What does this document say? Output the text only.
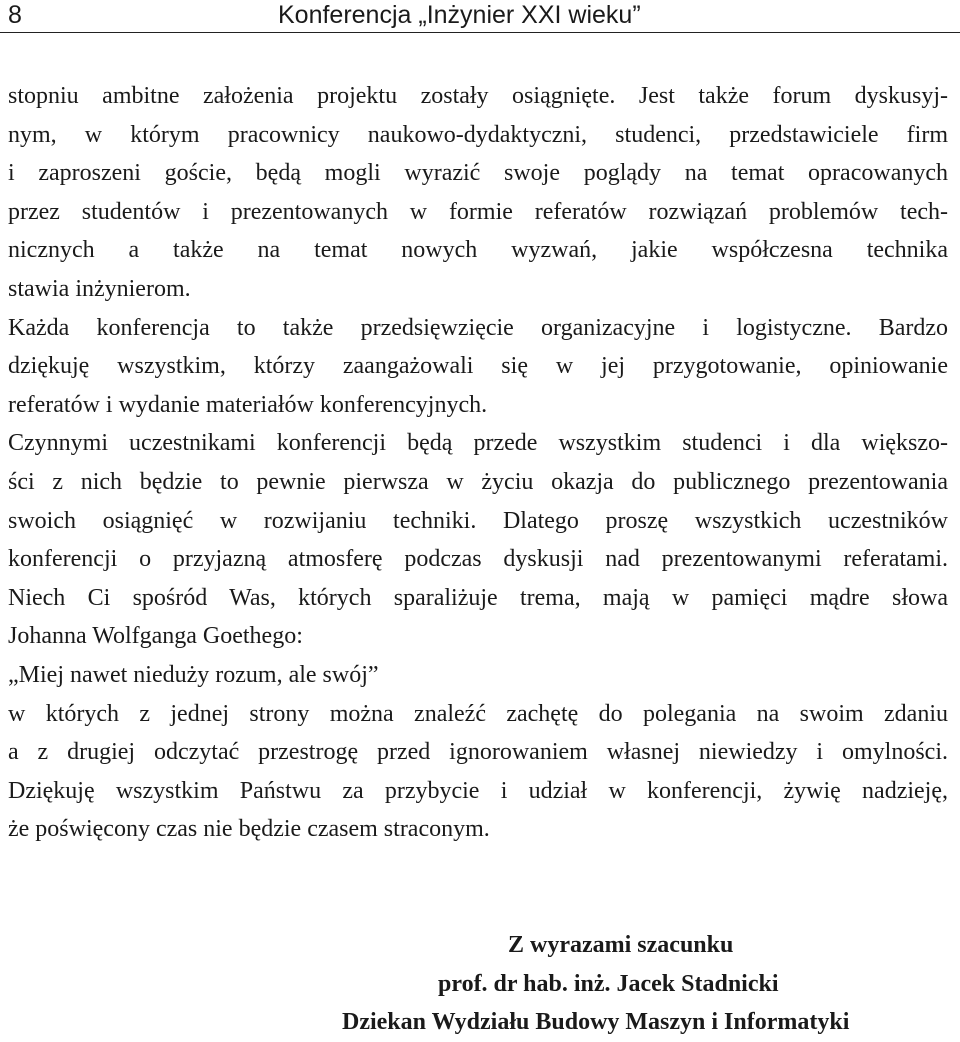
8	Konferencja „Inżynier XXI wieku”
stopniu ambitne założenia projektu zostały osiągnięte. Jest także forum dyskusyj-
nym, w którym pracownicy naukowo-dydaktyczni, studenci, przedstawiciele firm
i zaproszeni goście, będą mogli wyrazić swoje poglądy na temat opracowanych
przez studentów i prezentowanych w formie referatów rozwiązań problemów tech-
nicznych a także na temat nowych wyzwań, jakie współczesna technika
stawia inżynierom.
Każda konferencja to także przedsięwzięcie organizacyjne i logistyczne. Bardzo
dziękuję wszystkim, którzy zaangażowali się w jej przygotowanie, opiniowanie
referatów i wydanie materiałów konferencyjnych.
Czynnymi uczestnikami konferencji będą przede wszystkim studenci i dla większo-
ści z nich będzie to pewnie pierwsza w życiu okazja do publicznego prezentowania
swoich osiągnięć w rozwijaniu techniki. Dlatego proszę wszystkich uczestników
konferencji o przyjazną atmosferę podczas dyskusji nad prezentowanymi referatami.
Niech Ci spośród Was, których sparaliżuje trema, mają w pamięci mądre słowa
Johanna Wolfganga Goethego:
„Miej nawet nieduży rozum, ale swój”
w których z jednej strony można znaleźć zachętę do polegania na swoim zdaniu
a z drugiej odczytać przestrogę przed ignorowaniem własnej niewiedzy i omylności.
Dziękuję wszystkim Państwu za przybycie i udział w konferencji, żywię nadzieję,
że poświęcony czas nie będzie czasem straconym.
Z wyrazami szacunku
prof. dr hab. inż. Jacek Stadnicki
Dziekan Wydziału Budowy Maszyn i Informatyki
